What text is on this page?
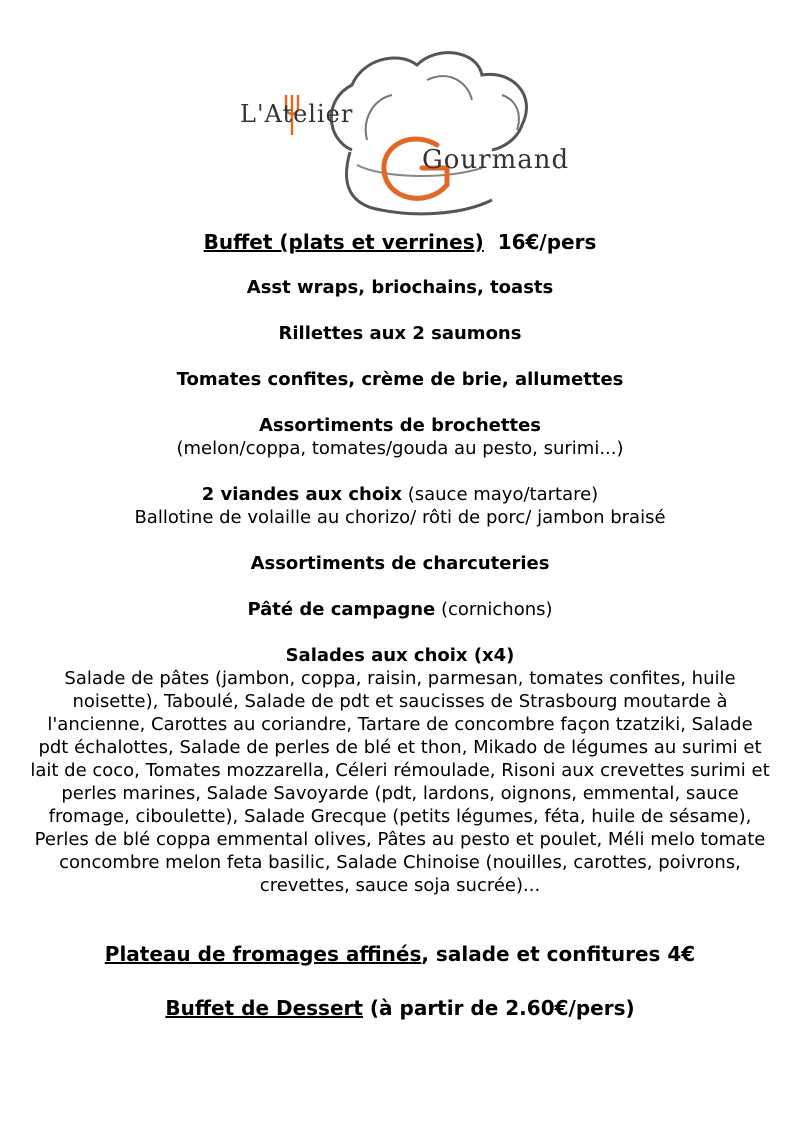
L'Atelier
Gourmand
Buffet (plats et verrines) 16€/pers
Asst wraps, briochains, toasts
Rillettes aux 2 saumons
Tomates confites, crème de brie, allumettes
Assortiments de brochettes
(melon/coppa, tomates/gouda au pesto, surimi...)
2 viandes aux choix (sauce mayo/tartare)
Ballotine de volaille au chorizo/ rôti de porc/ jambon braisé
Assortiments de charcuteries
Pâté de campagne (cornichons)
Salades aux choix (x4)
Salade de pâtes (jambon, coppa, raisin, parmesan, tomates confites, huile noisette), Taboulé, Salade de pdt et saucisses de Strasbourg moutarde à l'ancienne, Carottes au coriandre, Tartare de concombre façon tzatziki, Salade pdt échalottes, Salade de perles de blé et thon, Mikado de légumes au surimi et lait de coco, Tomates mozzarella, Céleri rémoulade, Risoni aux crevettes surimi et perles marines, Salade Savoyarde (pdt, lardons, oignons, emmental, sauce fromage, ciboulette), Salade Grecque (petits légumes, féta, huile de sésame), Perles de blé coppa emmental olives, Pâtes au pesto et poulet, Méli melo tomate concombre melon feta basilic, Salade Chinoise (nouilles, carottes, poivrons, crevettes, sauce soja sucrée)...
Plateau de fromages affinés, salade et confitures 4€
Buffet de Dessert (à partir de 2.60€/pers)
